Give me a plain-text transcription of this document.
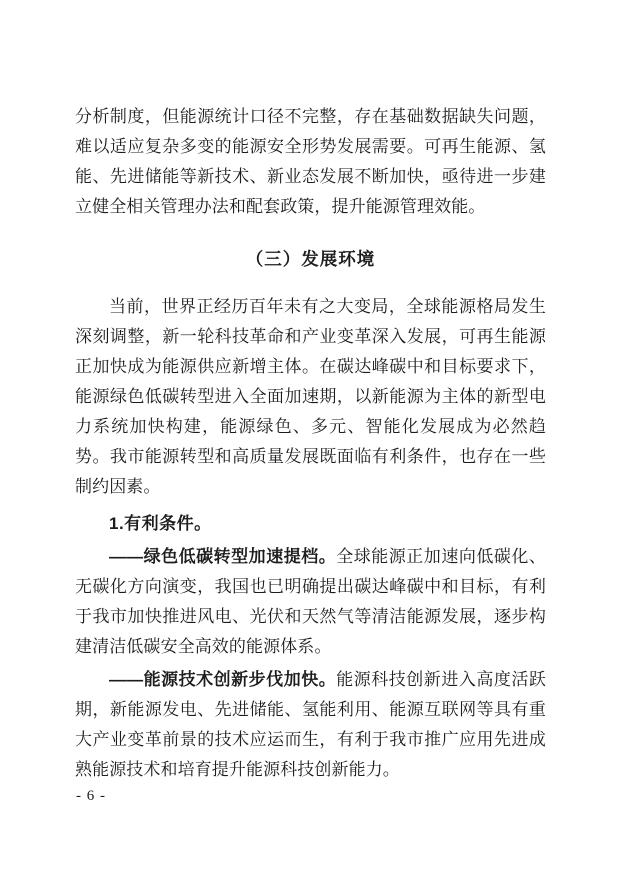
分析制度，但能源统计口径不完整，存在基础数据缺失问题，难以适应复杂多变的能源安全形势发展需要。可再生能源、氢能、先进储能等新技术、新业态发展不断加快，亟待进一步建立健全相关管理办法和配套政策，提升能源管理效能。

（三）发展环境

当前，世界正经历百年未有之大变局，全球能源格局发生深刻调整，新一轮科技革命和产业变革深入发展，可再生能源正加快成为能源供应新增主体。在碳达峰碳中和目标要求下，能源绿色低碳转型进入全面加速期，以新能源为主体的新型电力系统加快构建，能源绿色、多元、智能化发展成为必然趋势。我市能源转型和高质量发展既面临有利条件，也存在一些制约因素。

1.有利条件。

——绿色低碳转型加速提档。全球能源正加速向低碳化、无碳化方向演变，我国也已明确提出碳达峰碳中和目标，有利于我市加快推进风电、光伏和天然气等清洁能源发展，逐步构建清洁低碳安全高效的能源体系。

——能源技术创新步伐加快。能源科技创新进入高度活跃期，新能源发电、先进储能、氢能利用、能源互联网等具有重大产业变革前景的技术应运而生，有利于我市推广应用先进成熟能源技术和培育提升能源科技创新能力。

- 6 -
